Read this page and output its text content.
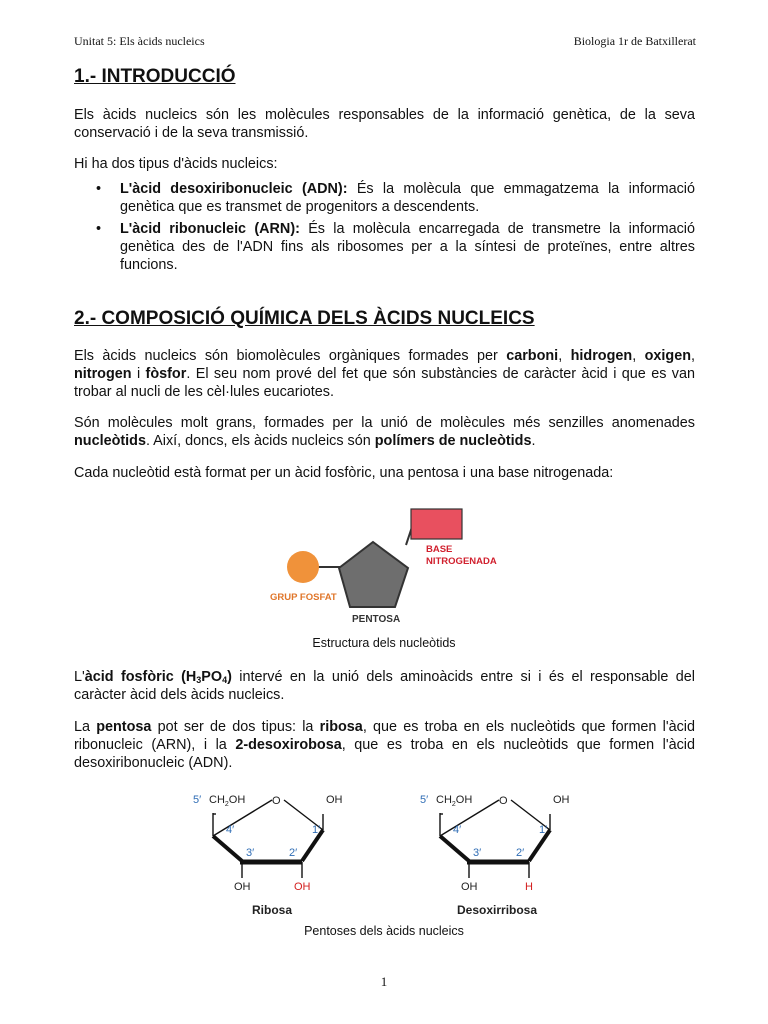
Unitat 5: Els àcids nucleics	Biologia 1r de Batxillerat
1.- INTRODUCCIÓ

Els àcids nucleics són les molècules responsables de la informació genètica, de la seva conservació i de la seva transmissió.

Hi ha dos tipus d'àcids nucleics:

• L'àcid desoxiribonucleic (ADN): És la molècula que emmagatzema la informació genètica que es transmet de progenitors a descendents.
• L'àcid ribonucleic (ARN): És la molècula encarregada de transmetre la informació genètica des de l'ADN fins als ribosomes per a la síntesi de proteïnes, entre altres funcions.
2.- COMPOSICIÓ QUÍMICA DELS ÀCIDS NUCLEICS

Els àcids nucleics són biomolècules orgàniques formades per carboni, hidrogen, oxigen, nitrogen i fòsfor. El seu nom prové del fet que són substàncies de caràcter àcid i que es van trobar al nucli de les cèl·lules eucariotes.

Són molècules molt grans, formades per la unió de molècules més senzilles anomenades nucleòtids. Així, doncs, els àcids nucleics són polímers de nucleòtids.

Cada nucleòtid està format per un àcid fosfòric, una pentosa i una base nitrogenada:

BASE
NITROGENADA
GRUP FOSFAT
PENTOSA
Estructura dels nucleòtids

L'àcid fosfòric $(H_3PO_4)$ intervé en la unió dels aminoàcids entre si i és el responsable del caràcter àcid dels àcids nucleics.

La pentosa pot ser de dos tipus: la ribosa, que es troba en els nucleòtids que formen l'àcid ribonucleic (ARN), i la 2-desoxirobosa, que es troba en els nucleòtids que formen l'àcid desoxiribonucleic (ADN).

5′ $CH_2OH$ O	OH
4′	1′
3′	2′
OH	OH
Ribosa
5′ $CH_2OH$ O	OH
4′	1′
3′	2′
OH	H
Desoxirribosa
Pentoses dels àcids nucleics
1
